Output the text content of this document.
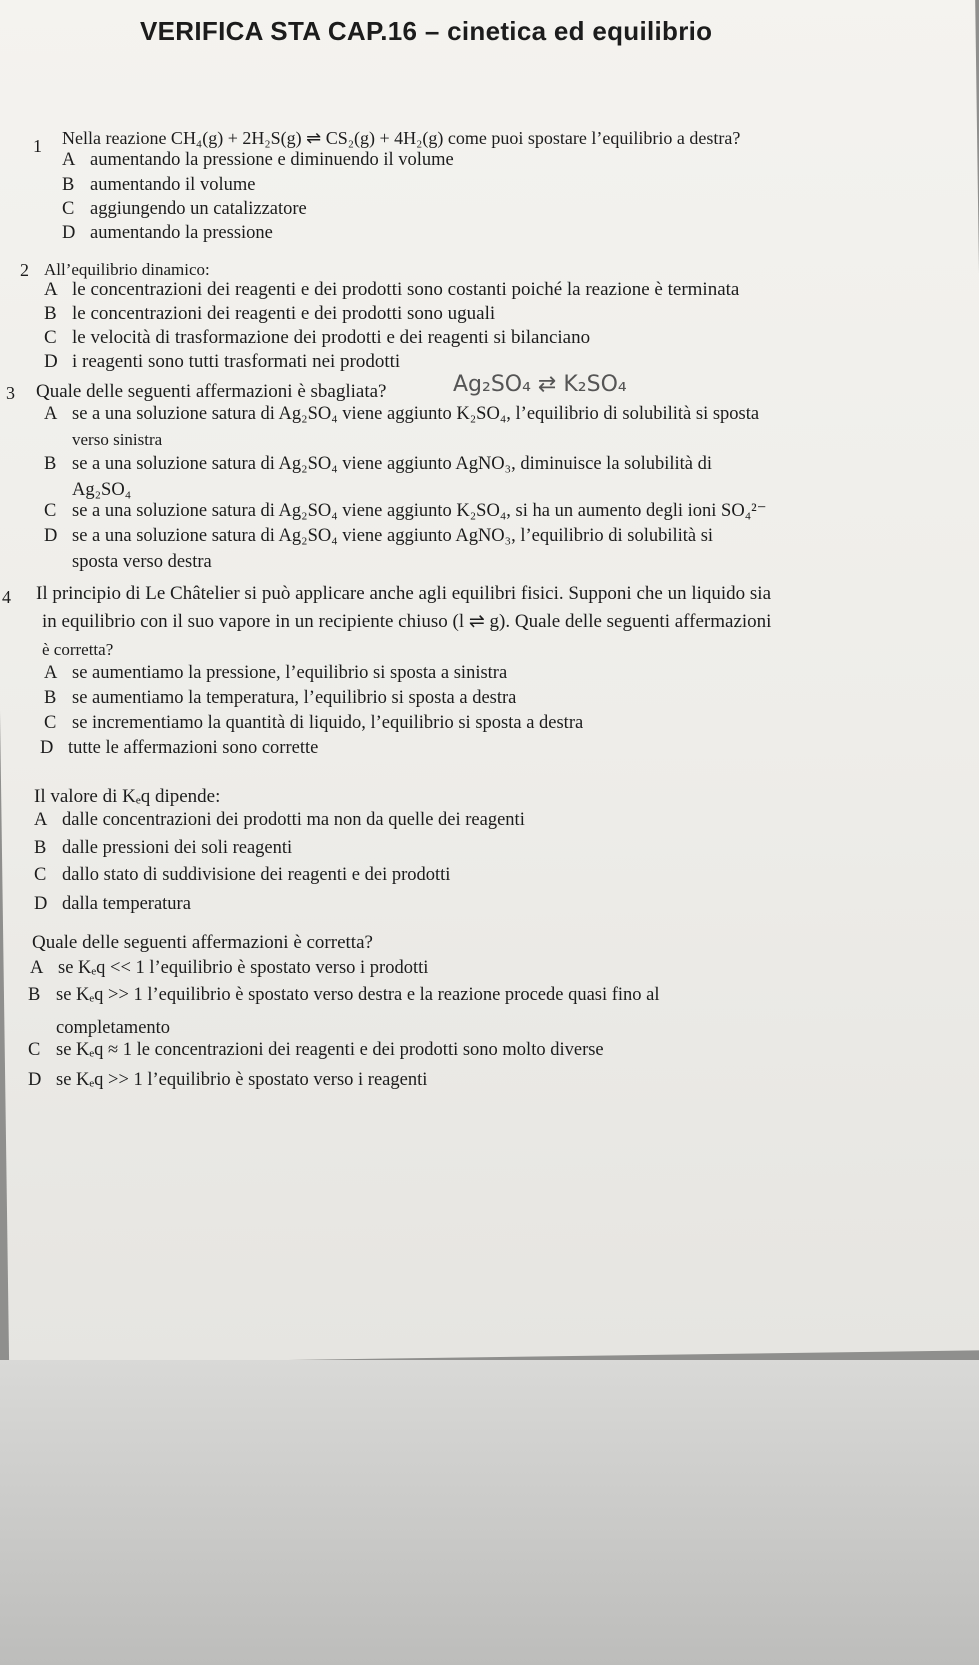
VERIFICA STA CAP.16 – cinetica ed equilibrio
1 Nella reazione CH₄(g) + 2H₂S(g) ⇌ CS₂(g) + 4H₂(g) come puoi spostare l’equilibrio a destra?
A aumentando la pressione e diminuendo il volume
B aumentando il volume
C aggiungendo un catalizzatore
D aumentando la pressione
2 All’equilibrio dinamico:
A le concentrazioni dei reagenti e dei prodotti sono costanti poiché la reazione è terminata
B le concentrazioni dei reagenti e dei prodotti sono uguali
C le velocità di trasformazione dei prodotti e dei reagenti si bilanciano
D i reagenti sono tutti trasformati nei prodotti
3 Quale delle seguenti affermazioni è sbagliata?	Ag₂SO₄ ⇄ K₂SO₄
A se a una soluzione satura di Ag₂SO₄ viene aggiunto K₂SO₄, l’equilibrio di solubilità si sposta
verso sinistra
B se a una soluzione satura di Ag₂SO₄ viene aggiunto AgNO₃, diminuisce la solubilità di
Ag₂SO₄
C se a una soluzione satura di Ag₂SO₄ viene aggiunto K₂SO₄, si ha un aumento degli ioni SO₄²⁻
D se a una soluzione satura di Ag₂SO₄ viene aggiunto AgNO₃, l’equilibrio di solubilità si
sposta verso destra
4 Il principio di Le Châtelier si può applicare anche agli equilibri fisici. Supponi che un liquido sia
in equilibrio con il suo vapore in un recipiente chiuso (l ⇌ g). Quale delle seguenti affermazioni
è corretta?
A se aumentiamo la pressione, l’equilibrio si sposta a sinistra
B se aumentiamo la temperatura, l’equilibrio si sposta a destra
C se incrementiamo la quantità di liquido, l’equilibrio si sposta a destra
D tutte le affermazioni sono corrette
Il valore di Kₑq dipende:
A dalle concentrazioni dei prodotti ma non da quelle dei reagenti
B dalle pressioni dei soli reagenti
C dallo stato di suddivisione dei reagenti e dei prodotti
D dalla temperatura
Quale delle seguenti affermazioni è corretta?
A se Kₑq << 1 l’equilibrio è spostato verso i prodotti
B se Kₑq >> 1 l’equilibrio è spostato verso destra e la reazione procede quasi fino al
completamento
C se Kₑq ≈ 1 le concentrazioni dei reagenti e dei prodotti sono molto diverse
D se Kₑq >> 1 l’equilibrio è spostato verso i reagenti
